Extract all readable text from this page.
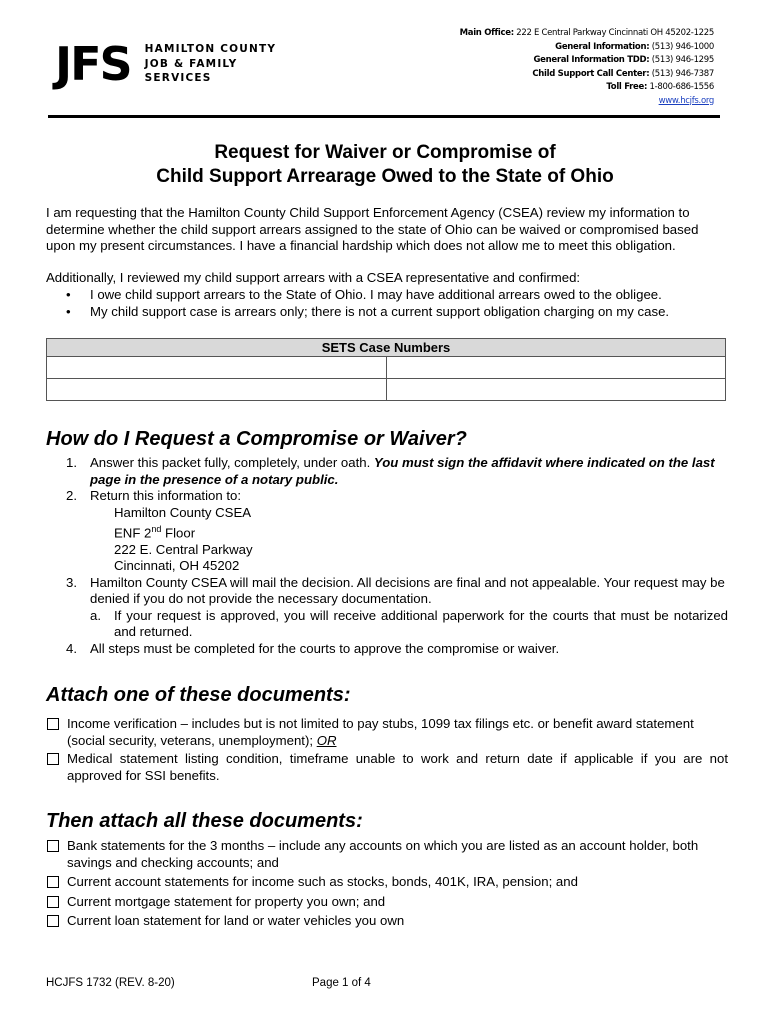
JFS HAMILTON COUNTY
JOB & FAMILY
SERVICES
Main Office: 222 E Central Parkway Cincinnati OH 45202-1225
General Information: (513) 946-1000
General Information TDD: (513) 946-1295
Child Support Call Center: (513) 946-7387
Toll Free: 1-800-686-1556
www.hcjfs.org
Request for Waiver or Compromise of
Child Support Arrearage Owed to the State of Ohio
I am requesting that the Hamilton County Child Support Enforcement Agency (CSEA) review my information to determine whether the child support arrears assigned to the state of Ohio can be waived or compromised based upon my present circumstances. I have a financial hardship which does not allow me to meet this obligation.
Additionally, I reviewed my child support arrears with a CSEA representative and confirmed:
• I owe child support arrears to the State of Ohio. I may have additional arrears owed to the obligee.
• My child support case is arrears only; there is not a current support obligation charging on my case.
SETS Case Numbers	

How do I Request a Compromise or Waiver?
1. Answer this packet fully, completely, under oath. You must sign the affidavit where indicated on the last page in the presence of a notary public.
2. Return this information to:
Hamilton County CSEA
ENF 2nd Floor
222 E. Central Parkway
Cincinnati, OH 45202
3. Hamilton County CSEA will mail the decision. All decisions are final and not appealable. Your request may be denied if you do not provide the necessary documentation.
a. If your request is approved, you will receive additional paperwork for the courts that must be notarized and returned.
4. All steps must be completed for the courts to approve the compromise or waiver.
Attach one of these documents:
Income verification – includes but is not limited to pay stubs, 1099 tax filings etc. or benefit award statement (social security, veterans, unemployment); OR
Medical statement listing condition, timeframe unable to work and return date if applicable if you are not approved for SSI benefits.
Then attach all these documents:
Bank statements for the 3 months – include any accounts on which you are listed as an account holder, both savings and checking accounts; and
Current account statements for income such as stocks, bonds, 401K, IRA, pension; and
Current mortgage statement for property you own; and
Current loan statement for land or water vehicles you own
HCJFS 1732 (REV. 8-20)	Page 1 of 4
